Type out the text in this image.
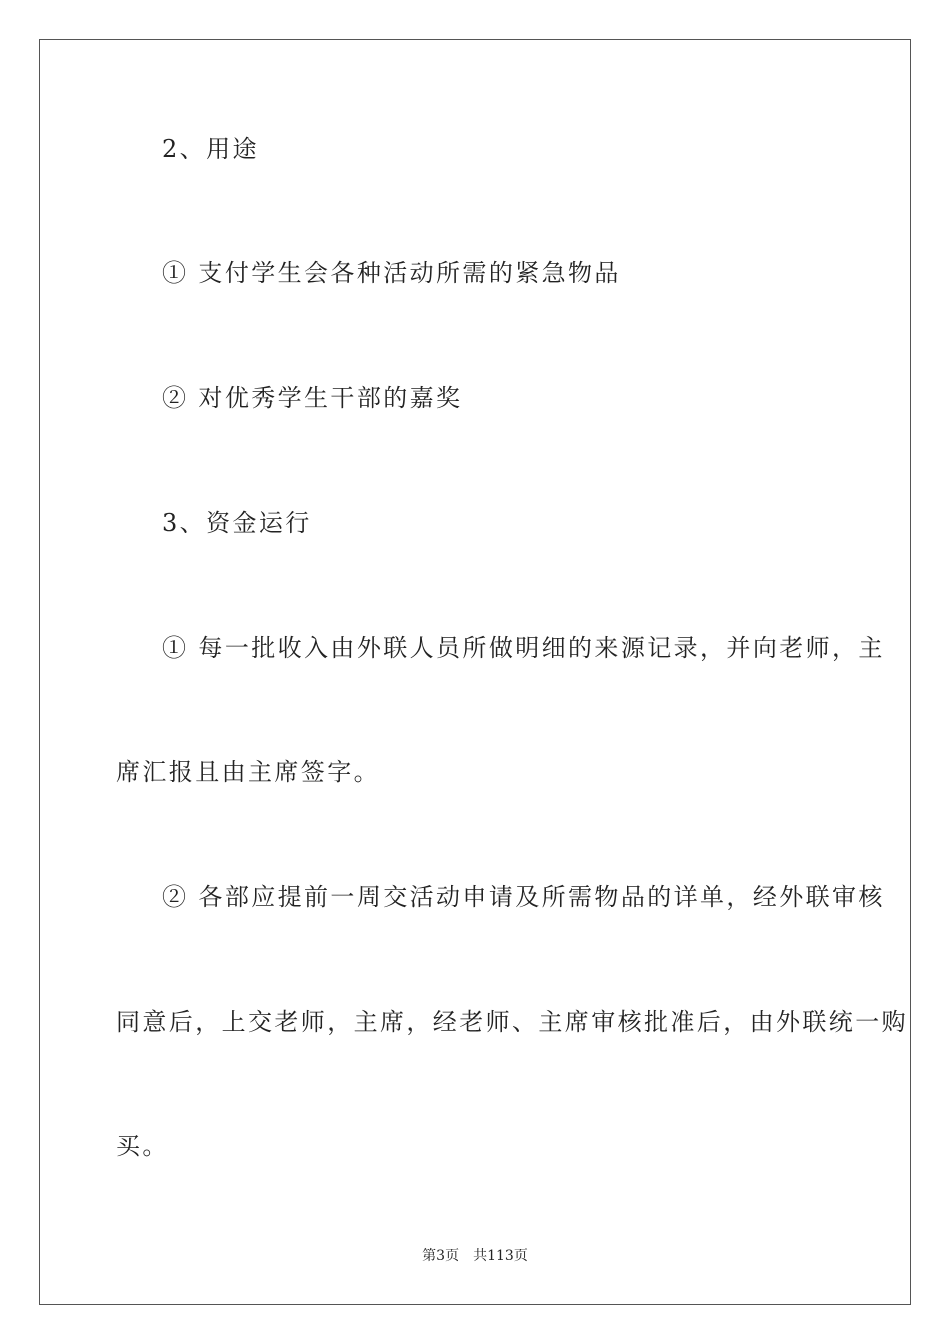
2、用途
① 支付学生会各种活动所需的紧急物品
② 对优秀学生干部的嘉奖
3、资金运行
① 每一批收入由外联人员所做明细的来源记录，并向老师，主
席汇报且由主席签字。
② 各部应提前一周交活动申请及所需物品的详单，经外联审核
同意后，上交老师，主席，经老师、主席审核批准后，由外联统一购
买。
第3页 共113页
